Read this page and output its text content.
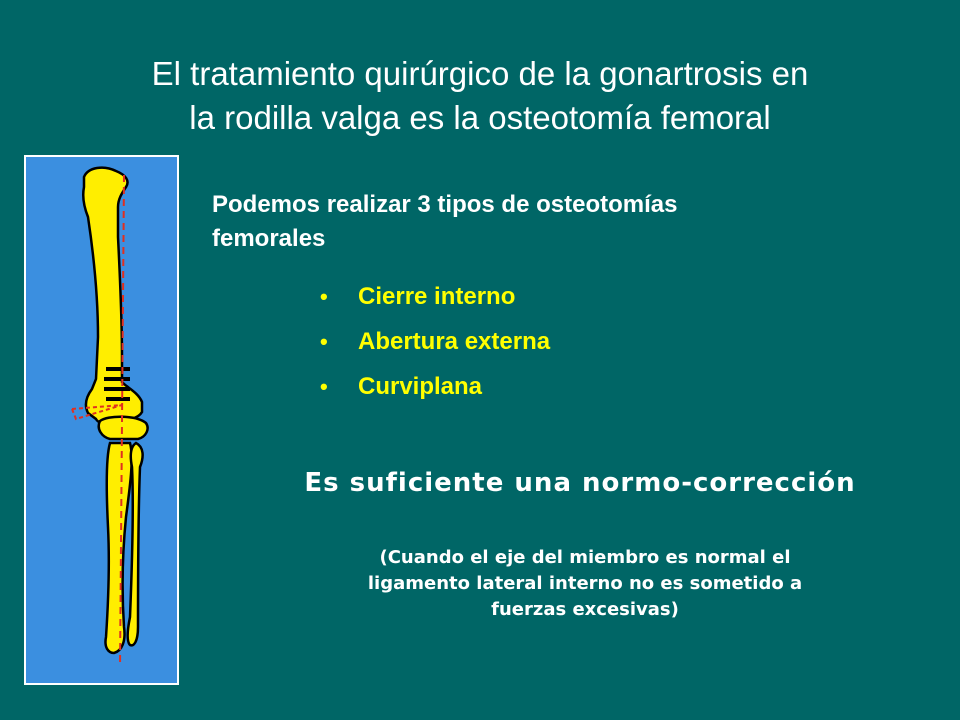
El tratamiento quirúrgico de la gonartrosis en
la rodilla valga es la osteotomía femoral
Podemos realizar 3 tipos de osteotomías
femorales
• Cierre interno
• Abertura externa
• Curviplana
Es suficiente una normo-corrección
(Cuando el eje del miembro es normal el
ligamento lateral interno no es sometido a
fuerzas excesivas)
